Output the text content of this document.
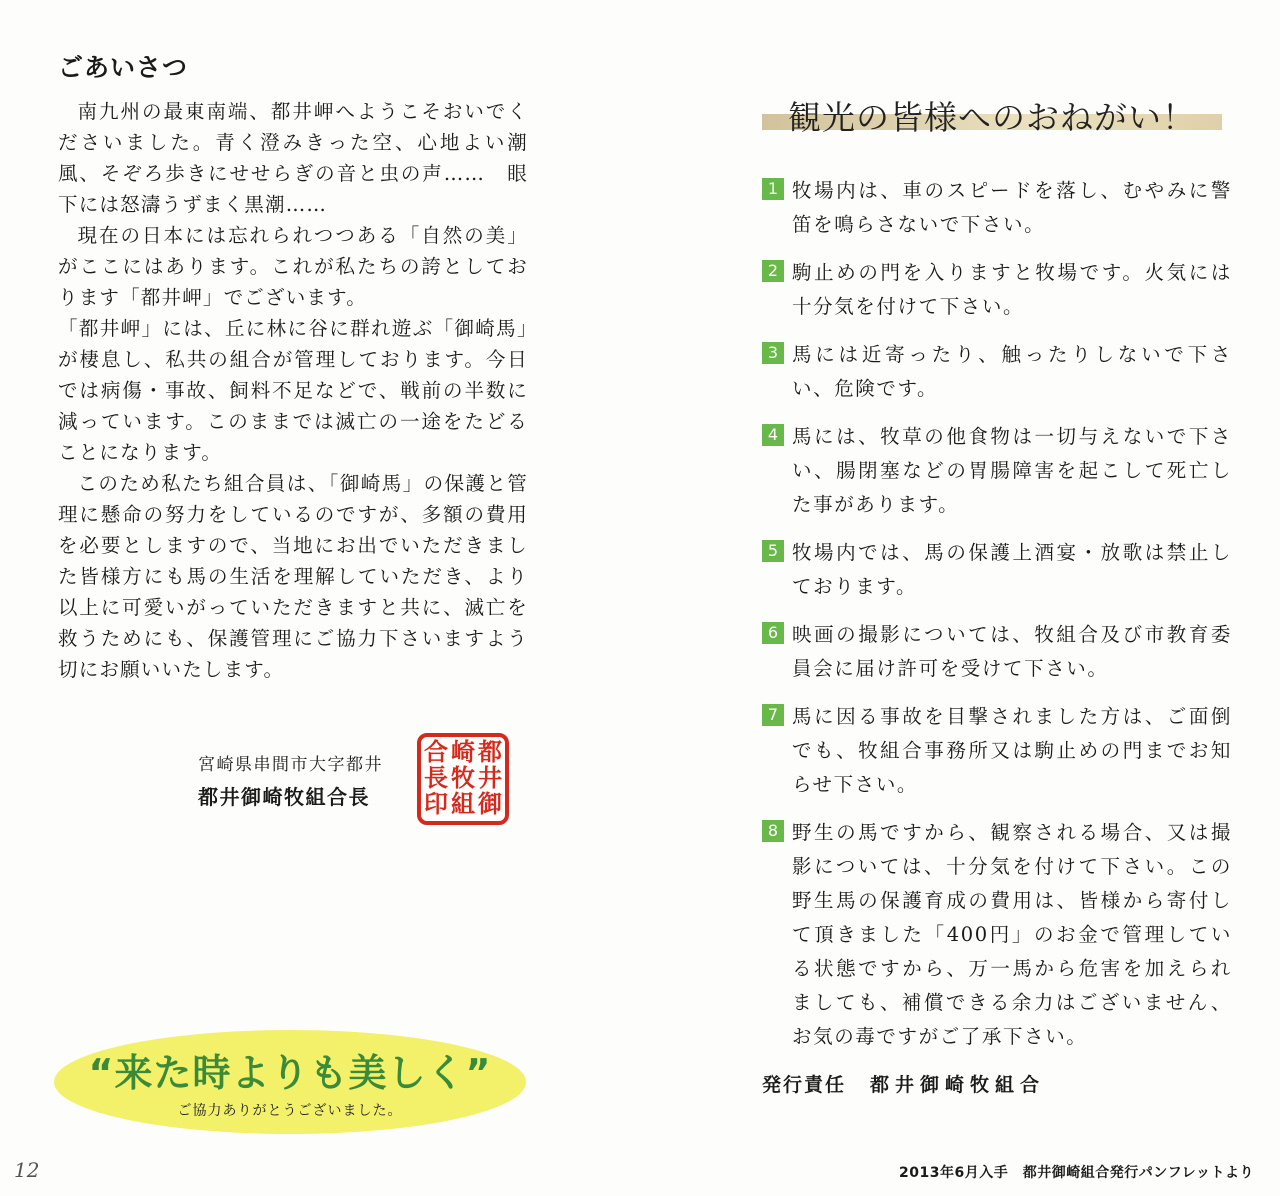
ごあいさつ

南九州の最東南端、都井岬へようこそおいでくださいました。青く澄みきった空、心地よい潮風、そぞろ歩きにせせらぎの音と虫の声……　眼下には怒濤うずまく黒潮……

現在の日本には忘れられつつある「自然の美」がここにはあります。これが私たちの誇としております「都井岬」でございます。

「都井岬」には、丘に林に谷に群れ遊ぶ「御崎馬」が棲息し、私共の組合が管理しております。今日では病傷・事故、飼料不足などで、戦前の半数に減っています。このままでは滅亡の一途をたどることになります。

このため私たち組合員は、「御崎馬」の保護と管理に懸命の努力をしているのですが、多額の費用を必要としますので、当地にお出でいただきました皆様方にも馬の生活を理解していただき、より以上に可愛いがっていただきますと共に、滅亡を救うためにも、保護管理にご協力下さいますよう切にお願いいたします。

宮崎県串間市大字都井
都井御崎牧組合長
都
井
御
崎
牧
組
合
長
印
“来た時よりも美しく”
ご協力ありがとうございました。
12
観光の皆様へのおねがい！
1 牧場内は、車のスピードを落し、むやみに警笛を鳴らさないで下さい。
2 駒止めの門を入りますと牧場です。火気には十分気を付けて下さい。
3 馬には近寄ったり、触ったりしないで下さい、危険です。
4 馬には、牧草の他食物は一切与えないで下さい、腸閉塞などの胃腸障害を起こして死亡した事があります。
5 牧場内では、馬の保護上酒宴・放歌は禁止しております。
6 映画の撮影については、牧組合及び市教育委員会に届け許可を受けて下さい。
7 馬に因る事故を目撃されました方は、ご面倒でも、牧組合事務所又は駒止めの門までお知らせ下さい。
8 野生の馬ですから、観察される場合、又は撮影については、十分気を付けて下さい。この野生馬の保護育成の費用は、皆様から寄付して頂きました「400円」のお金で管理している状態ですから、万一馬から危害を加えられましても、補償できる余力はございません、お気の毒ですがご了承下さい。
発行責任 都井御崎牧組合
2013年6月入手　都井御崎組合発行パンフレットより
